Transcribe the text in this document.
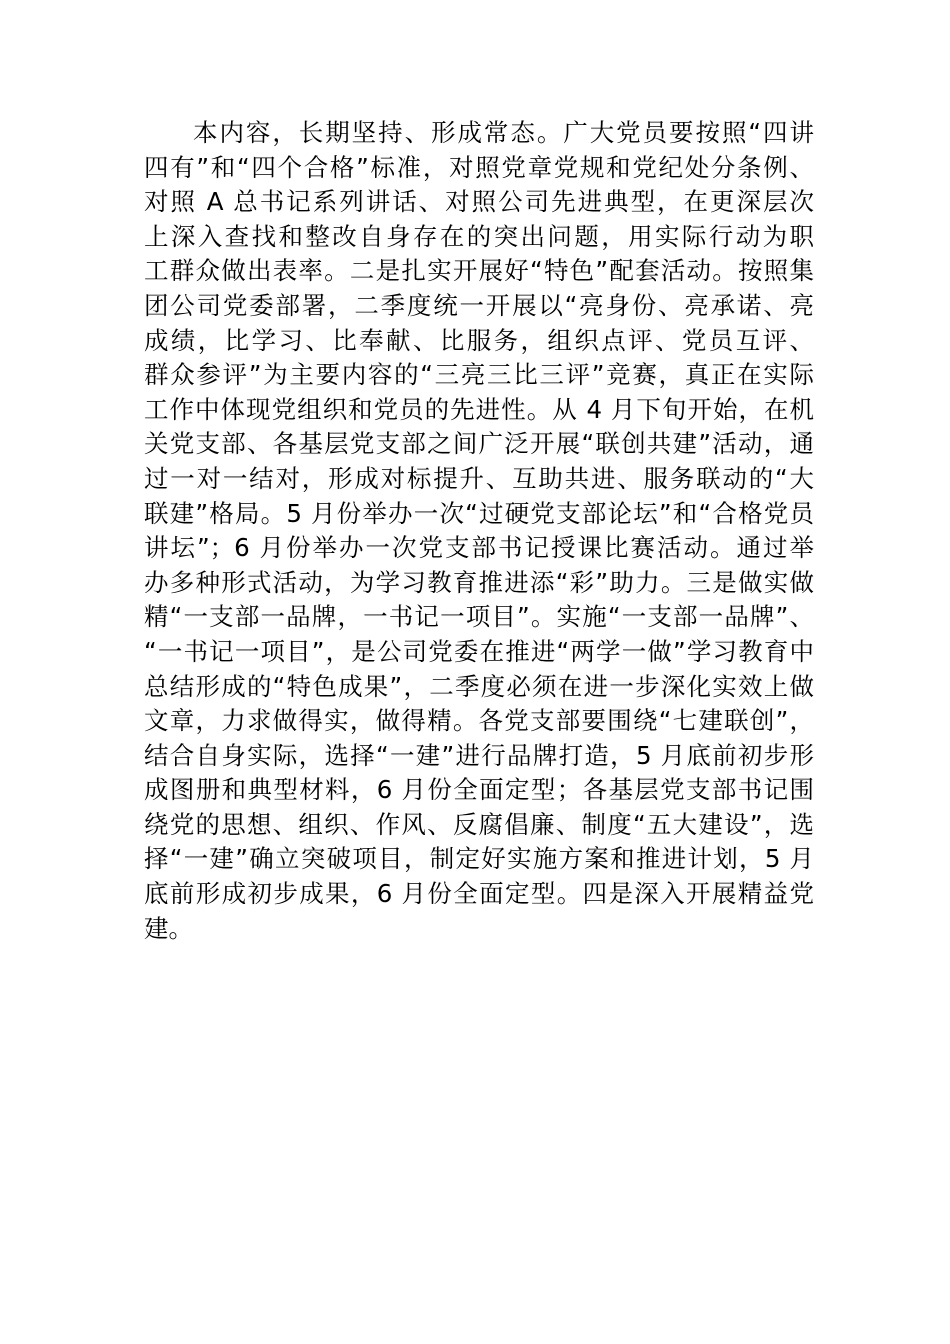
本内容，长期坚持、形成常态。广大党员要按照“四讲
四有”和“四个合格”标准，对照党章党规和党纪处分条例、
对照 A 总书记系列讲话、对照公司先进典型，在更深层次
上深入查找和整改自身存在的突出问题，用实际行动为职
工群众做出表率。二是扎实开展好“特色”配套活动。按照集
团公司党委部署，二季度统一开展以“亮身份、亮承诺、亮
成绩，比学习、比奉献、比服务，组织点评、党员互评、
群众参评”为主要内容的“三亮三比三评”竞赛，真正在实际
工作中体现党组织和党员的先进性。从 4 月下旬开始，在机
关党支部、各基层党支部之间广泛开展“联创共建”活动，通
过一对一结对，形成对标提升、互助共进、服务联动的“大
联建”格局。5 月份举办一次“过硬党支部论坛”和“合格党员
讲坛”；6 月份举办一次党支部书记授课比赛活动。通过举
办多种形式活动，为学习教育推进添“彩”助力。三是做实做
精“一支部一品牌，一书记一项目”。实施“一支部一品牌”、
“一书记一项目”，是公司党委在推进“两学一做”学习教育中
总结形成的“特色成果”，二季度必须在进一步深化实效上做
文章，力求做得实，做得精。各党支部要围绕“七建联创”，
结合自身实际，选择“一建”进行品牌打造，5 月底前初步形
成图册和典型材料，6 月份全面定型；各基层党支部书记围
绕党的思想、组织、作风、反腐倡廉、制度“五大建设”，选
择“一建”确立突破项目，制定好实施方案和推进计划，5 月
底前形成初步成果，6 月份全面定型。四是深入开展精益党
建。
